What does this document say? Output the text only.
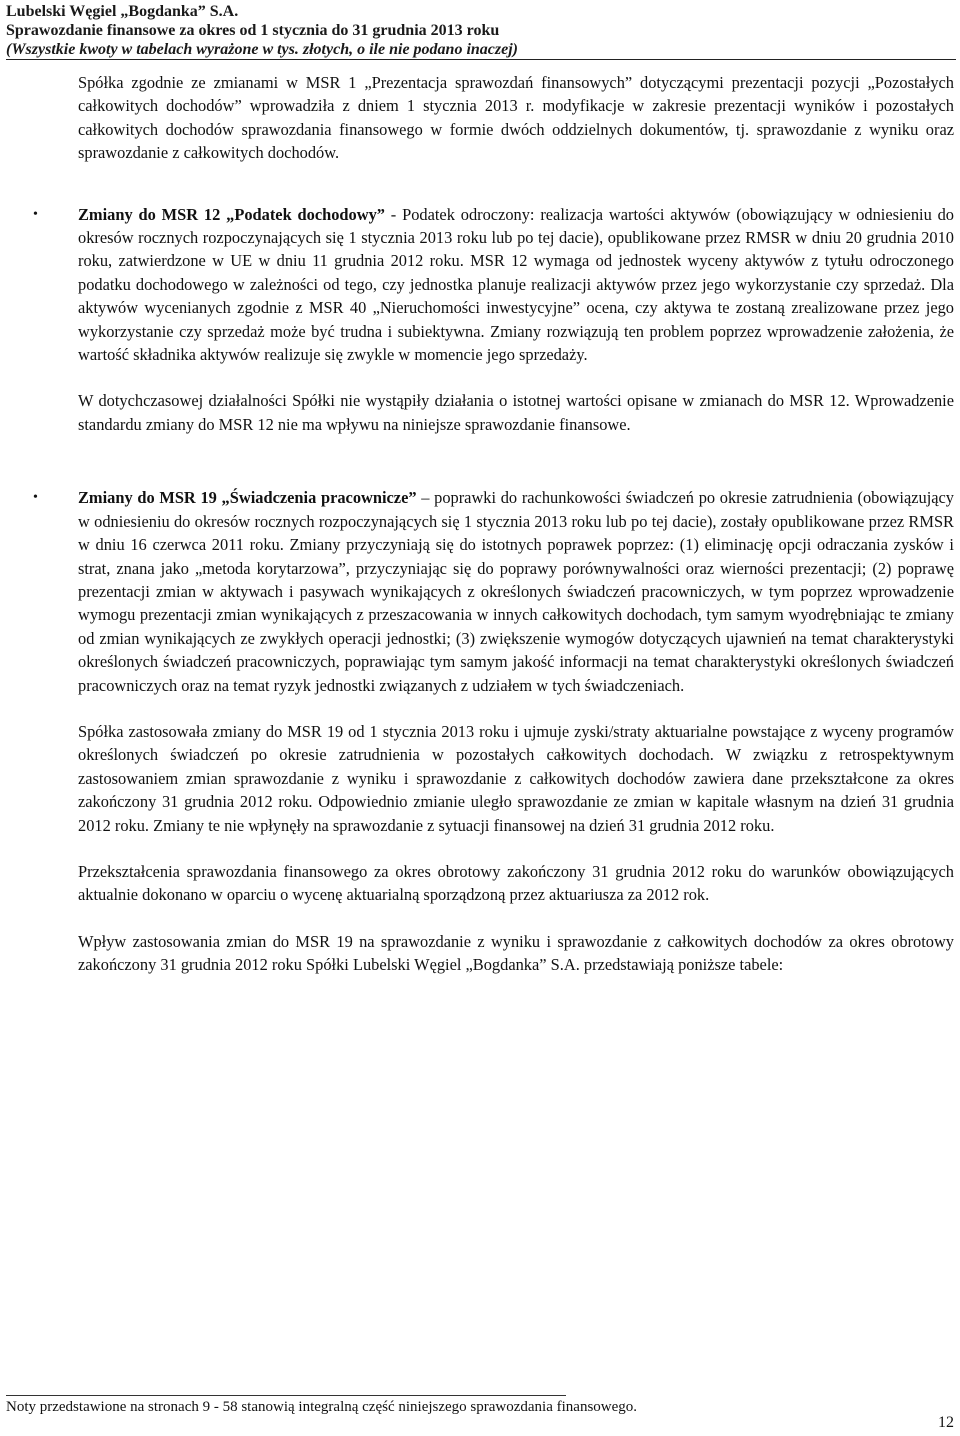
Lubelski Węgiel „Bogdanka” S.A.
Sprawozdanie finansowe za okres od 1 stycznia do 31 grudnia 2013 roku
(Wszystkie kwoty w tabelach wyrażone w tys. złotych, o ile nie podano inaczej)

Spółka zgodnie ze zmianami w MSR 1 „Prezentacja sprawozdań finansowych” dotyczącymi prezentacji pozycji „Pozostałych całkowitych dochodów” wprowadziła z dniem 1 stycznia 2013 r. modyfikacje w zakresie prezentacji wyników i pozostałych całkowitych dochodów sprawozdania finansowego w formie dwóch oddzielnych dokumentów, tj. sprawozdanie z wyniku oraz sprawozdanie z całkowitych dochodów.

• Zmiany do MSR 12 „Podatek dochodowy” - Podatek odroczony: realizacja wartości aktywów (obowiązujący w odniesieniu do okresów rocznych rozpoczynających się 1 stycznia 2013 roku lub po tej dacie), opublikowane przez RMSR w dniu 20 grudnia 2010 roku, zatwierdzone w UE w dniu 11 grudnia 2012 roku. MSR 12 wymaga od jednostek wyceny aktywów z tytułu odroczonego podatku dochodowego w zależności od tego, czy jednostka planuje realizacji aktywów przez jego wykorzystanie czy sprzedaż. Dla aktywów wycenianych zgodnie z MSR 40 „Nieruchomości inwestycyjne” ocena, czy aktywa te zostaną zrealizowane przez jego wykorzystanie czy sprzedaż może być trudna i subiektywna. Zmiany rozwiązują ten problem poprzez wprowadzenie założenia, że wartość składnika aktywów realizuje się zwykle w momencie jego sprzedaży.

W dotychczasowej działalności Spółki nie wystąpiły działania o istotnej wartości opisane w zmianach do MSR 12. Wprowadzenie standardu zmiany do MSR 12 nie ma wpływu na niniejsze sprawozdanie finansowe.

• Zmiany do MSR 19 „Świadczenia pracownicze” – poprawki do rachunkowości świadczeń po okresie zatrudnienia (obowiązujący w odniesieniu do okresów rocznych rozpoczynających się 1 stycznia 2013 roku lub po tej dacie), zostały opublikowane przez RMSR w dniu 16 czerwca 2011 roku. Zmiany przyczyniają się do istotnych poprawek poprzez: (1) eliminację opcji odraczania zysków i strat, znana jako „metoda korytarzowa”, przyczyniając się do poprawy porównywalności oraz wierności prezentacji; (2) poprawę prezentacji zmian w aktywach i pasywach wynikających z określonych świadczeń pracowniczych, w tym poprzez wprowadzenie wymogu prezentacji zmian wynikających z przeszacowania w innych całkowitych dochodach, tym samym wyodrębniając te zmiany od zmian wynikających ze zwykłych operacji jednostki; (3) zwiększenie wymogów dotyczących ujawnień na temat charakterystyki określonych świadczeń pracowniczych, poprawiając tym samym jakość informacji na temat charakterystyki określonych świadczeń pracowniczych oraz na temat ryzyk jednostki związanych z udziałem w tych świadczeniach.

Spółka zastosowała zmiany do MSR 19 od 1 stycznia 2013 roku i ujmuje zyski/straty aktuarialne powstające z wyceny programów określonych świadczeń po okresie zatrudnienia w pozostałych całkowitych dochodach. W związku z retrospektywnym zastosowaniem zmian sprawozdanie z wyniku i sprawozdanie z całkowitych dochodów zawiera dane przekształcone za okres zakończony 31 grudnia 2012 roku. Odpowiednio zmianie uległo sprawozdanie ze zmian w kapitale własnym na dzień 31 grudnia 2012 roku. Zmiany te nie wpłynęły na sprawozdanie z sytuacji finansowej na dzień 31 grudnia 2012 roku.

Przekształcenia sprawozdania finansowego za okres obrotowy zakończony 31 grudnia 2012 roku do warunków obowiązujących aktualnie dokonano w oparciu o wycenę aktuarialną sporządzoną przez aktuariusza za 2012 rok.

Wpływ zastosowania zmian do MSR 19 na sprawozdanie z wyniku i sprawozdanie z całkowitych dochodów za okres obrotowy zakończony 31 grudnia 2012 roku Spółki Lubelski Węgiel „Bogdanka” S.A. przedstawiają poniższe tabele:

Noty przedstawione na stronach 9 - 58 stanowią integralną część niniejszego sprawozdania finansowego.
12
